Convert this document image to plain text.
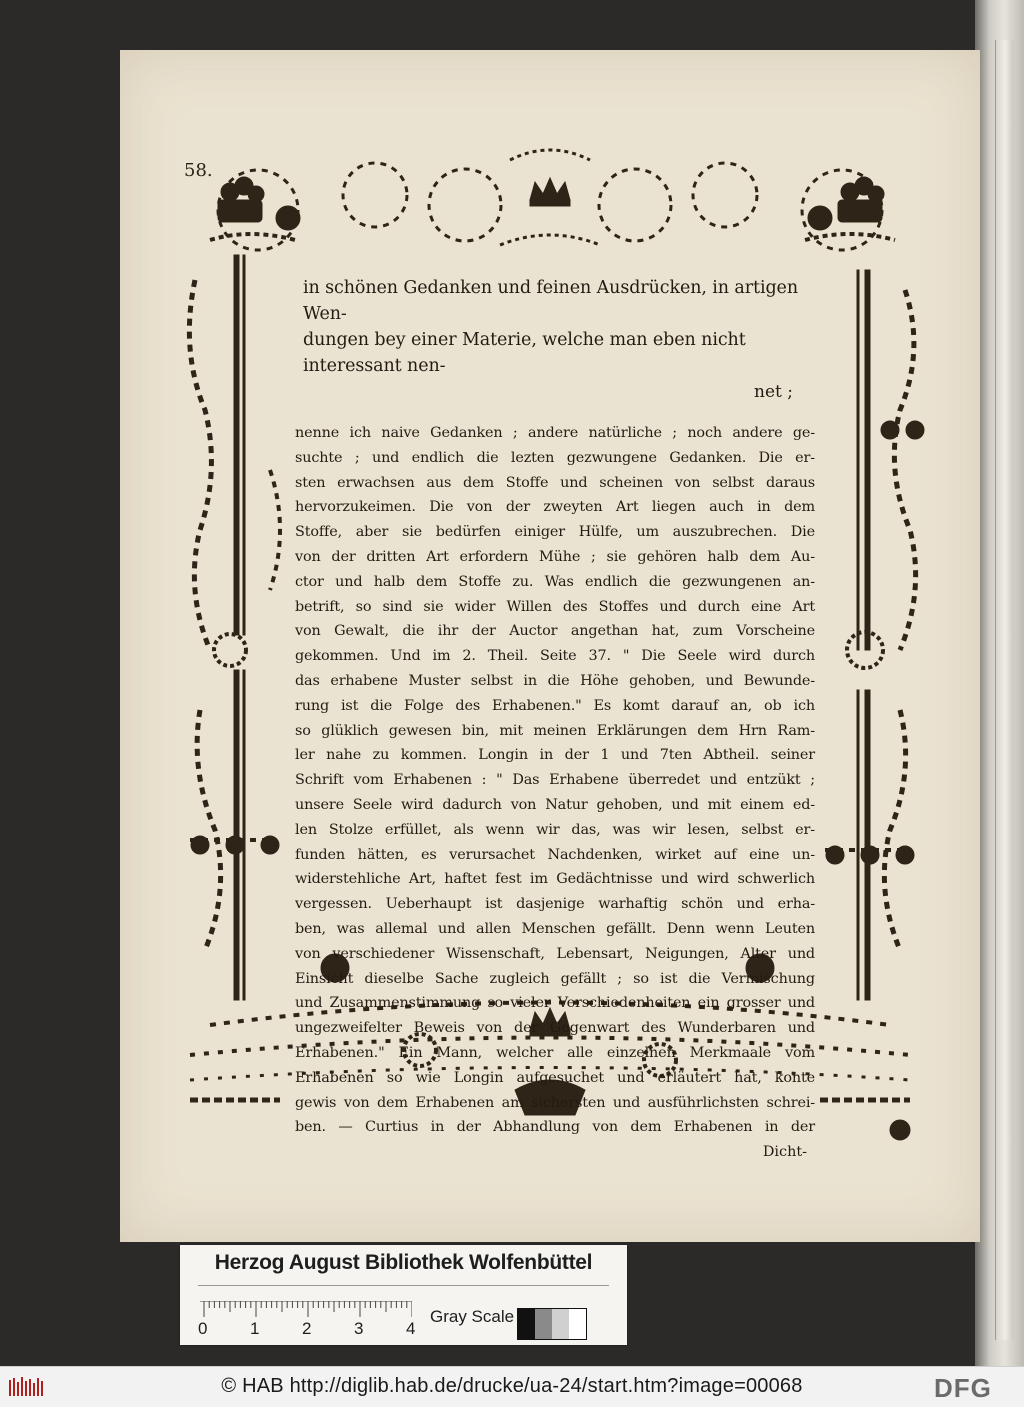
58.
in schönen Gedanken und feinen Ausdrücken, in artigen Wen-
dungen bey einer Materie, welche man eben nicht interessant nen-
net ;
nenne ich naive Gedanken ; andere natürliche ; noch andere ge-
suchte ; und endlich die lezten gezwungene Gedanken. Die er-
sten erwachsen aus dem Stoffe und scheinen von selbst daraus
hervorzukeimen. Die von der zweyten Art liegen auch in dem
Stoffe, aber sie bedürfen einiger Hülfe, um auszubrechen. Die
von der dritten Art erfordern Mühe ; sie gehören halb dem Au-
ctor und halb dem Stoffe zu. Was endlich die gezwungenen an-
betrift, so sind sie wider Willen des Stoffes und durch eine Art
von Gewalt, die ihr der Auctor angethan hat, zum Vorscheine
gekommen. Und im 2. Theil. Seite 37. " Die Seele wird durch
das erhabene Muster selbst in die Höhe gehoben, und Bewunde-
rung ist die Folge des Erhabenen." Es komt darauf an, ob ich
so glüklich gewesen bin, mit meinen Erklärungen dem Hrn Ram-
ler nahe zu kommen. Longin in der 1 und 7ten Abtheil. seiner
Schrift vom Erhabenen : " Das Erhabene überredet und entzükt ;
unsere Seele wird dadurch von Natur gehoben, und mit einem ed-
len Stolze erfüllet, als wenn wir das, was wir lesen, selbst er-
funden hätten, es verursachet Nachdenken, wirket auf eine un-
widerstehliche Art, haftet fest im Gedächtnisse und wird schwerlich
vergessen. Ueberhaupt ist dasjenige warhaftig schön und erha-
ben, was allemal und allen Menschen gefällt. Denn wenn Leuten
von verschiedener Wissenschaft, Lebensart, Neigungen, Alter und
Einsicht dieselbe Sache zugleich gefällt ; so ist die Vermischung
und Zusammenstimmung so vieler Verschiedenheiten ein grosser und
ungezweifelter Beweis von der Gegenwart des Wunderbaren und
Erhabenen." Ein Mann, welcher alle einzelnen Merkmaale vom
Erhabenen so wie Longin aufgesuchet und erläutert hat, konte
gewis von dem Erhabenen am sichersten und ausführlichsten schrei-
ben. — Curtius in der Abhandlung von dem Erhabenen in der
Dicht-
Herzog August Bibliothek Wolfenbüttel
0	1	2	3	4
Gray Scale
© HAB http://diglib.hab.de/drucke/ua-24/start.htm?image=00068	DFG
